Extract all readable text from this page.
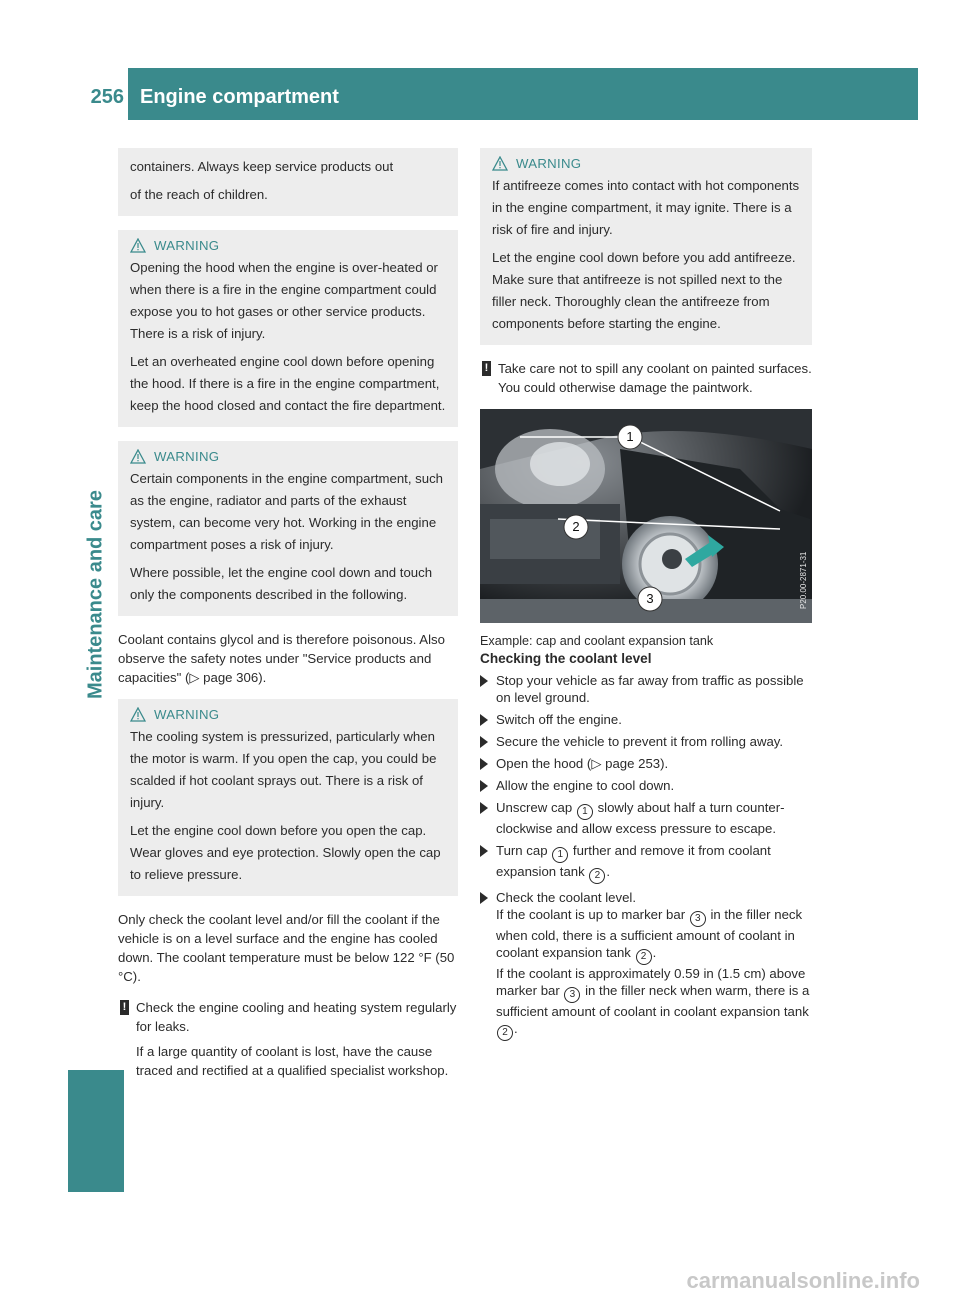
256 Engine compartment
Maintenance and care

containers. Always keep service products out

of the reach of children.

WARNING

Opening the hood when the engine is over-heated or when there is a fire in the engine compartment could expose you to hot gases or other service products. There is a risk of injury.

Let an overheated engine cool down before opening the hood. If there is a fire in the engine compartment, keep the hood closed and contact the fire department.

WARNING

Certain components in the engine compartment, such as the engine, radiator and parts of the exhaust system, can become very hot. Working in the engine compartment poses a risk of injury.

Where possible, let the engine cool down and touch only the components described in the following.

Coolant contains glycol and is therefore poisonous. Also observe the safety notes under "Service products and capacities" (▷ page 306).

WARNING

The cooling system is pressurized, particularly when the motor is warm. If you open the cap, you could be scalded if hot coolant sprays out. There is a risk of injury.

Let the engine cool down before you open the cap. Wear gloves and eye protection. Slowly open the cap to relieve pressure.

Only check the coolant level and/or fill the coolant if the vehicle is on a level surface and the engine has cooled down. The coolant temperature must be below 122 °F (50 °C).

! Check the engine cooling and heating system regularly for leaks.

If a large quantity of coolant is lost, have the cause traced and rectified at a qualified specialist workshop.

WARNING

If antifreeze comes into contact with hot components in the engine compartment, it may ignite. There is a risk of fire and injury.

Let the engine cool down before you add antifreeze. Make sure that antifreeze is not spilled next to the filler neck. Thoroughly clean the antifreeze from components before starting the engine.

! Take care not to spill any coolant on painted surfaces. You could otherwise damage the paintwork.

1
2
3	P20.00-2871-31

Example: cap and coolant expansion tank

Checking the coolant level

Stop your vehicle as far away from traffic as possible on level ground.
Switch off the engine.
Secure the vehicle to prevent it from rolling away.
Open the hood (▷ page 253).
Allow the engine to cool down.
Unscrew cap 1 slowly about half a turn counter-clockwise and allow excess pressure to escape.
Turn cap 1 further and remove it from coolant expansion tank 2 .
Check the coolant level.
If the coolant is up to marker bar 3 in the filler neck when cold, there is a sufficient amount of coolant in coolant expansion tank 2 .
If the coolant is approximately 0.59 in (1.5 cm) above marker bar 3 in the filler neck when warm, there is a sufficient amount of coolant in coolant expansion tank 2 .
carmanualsonline.info
